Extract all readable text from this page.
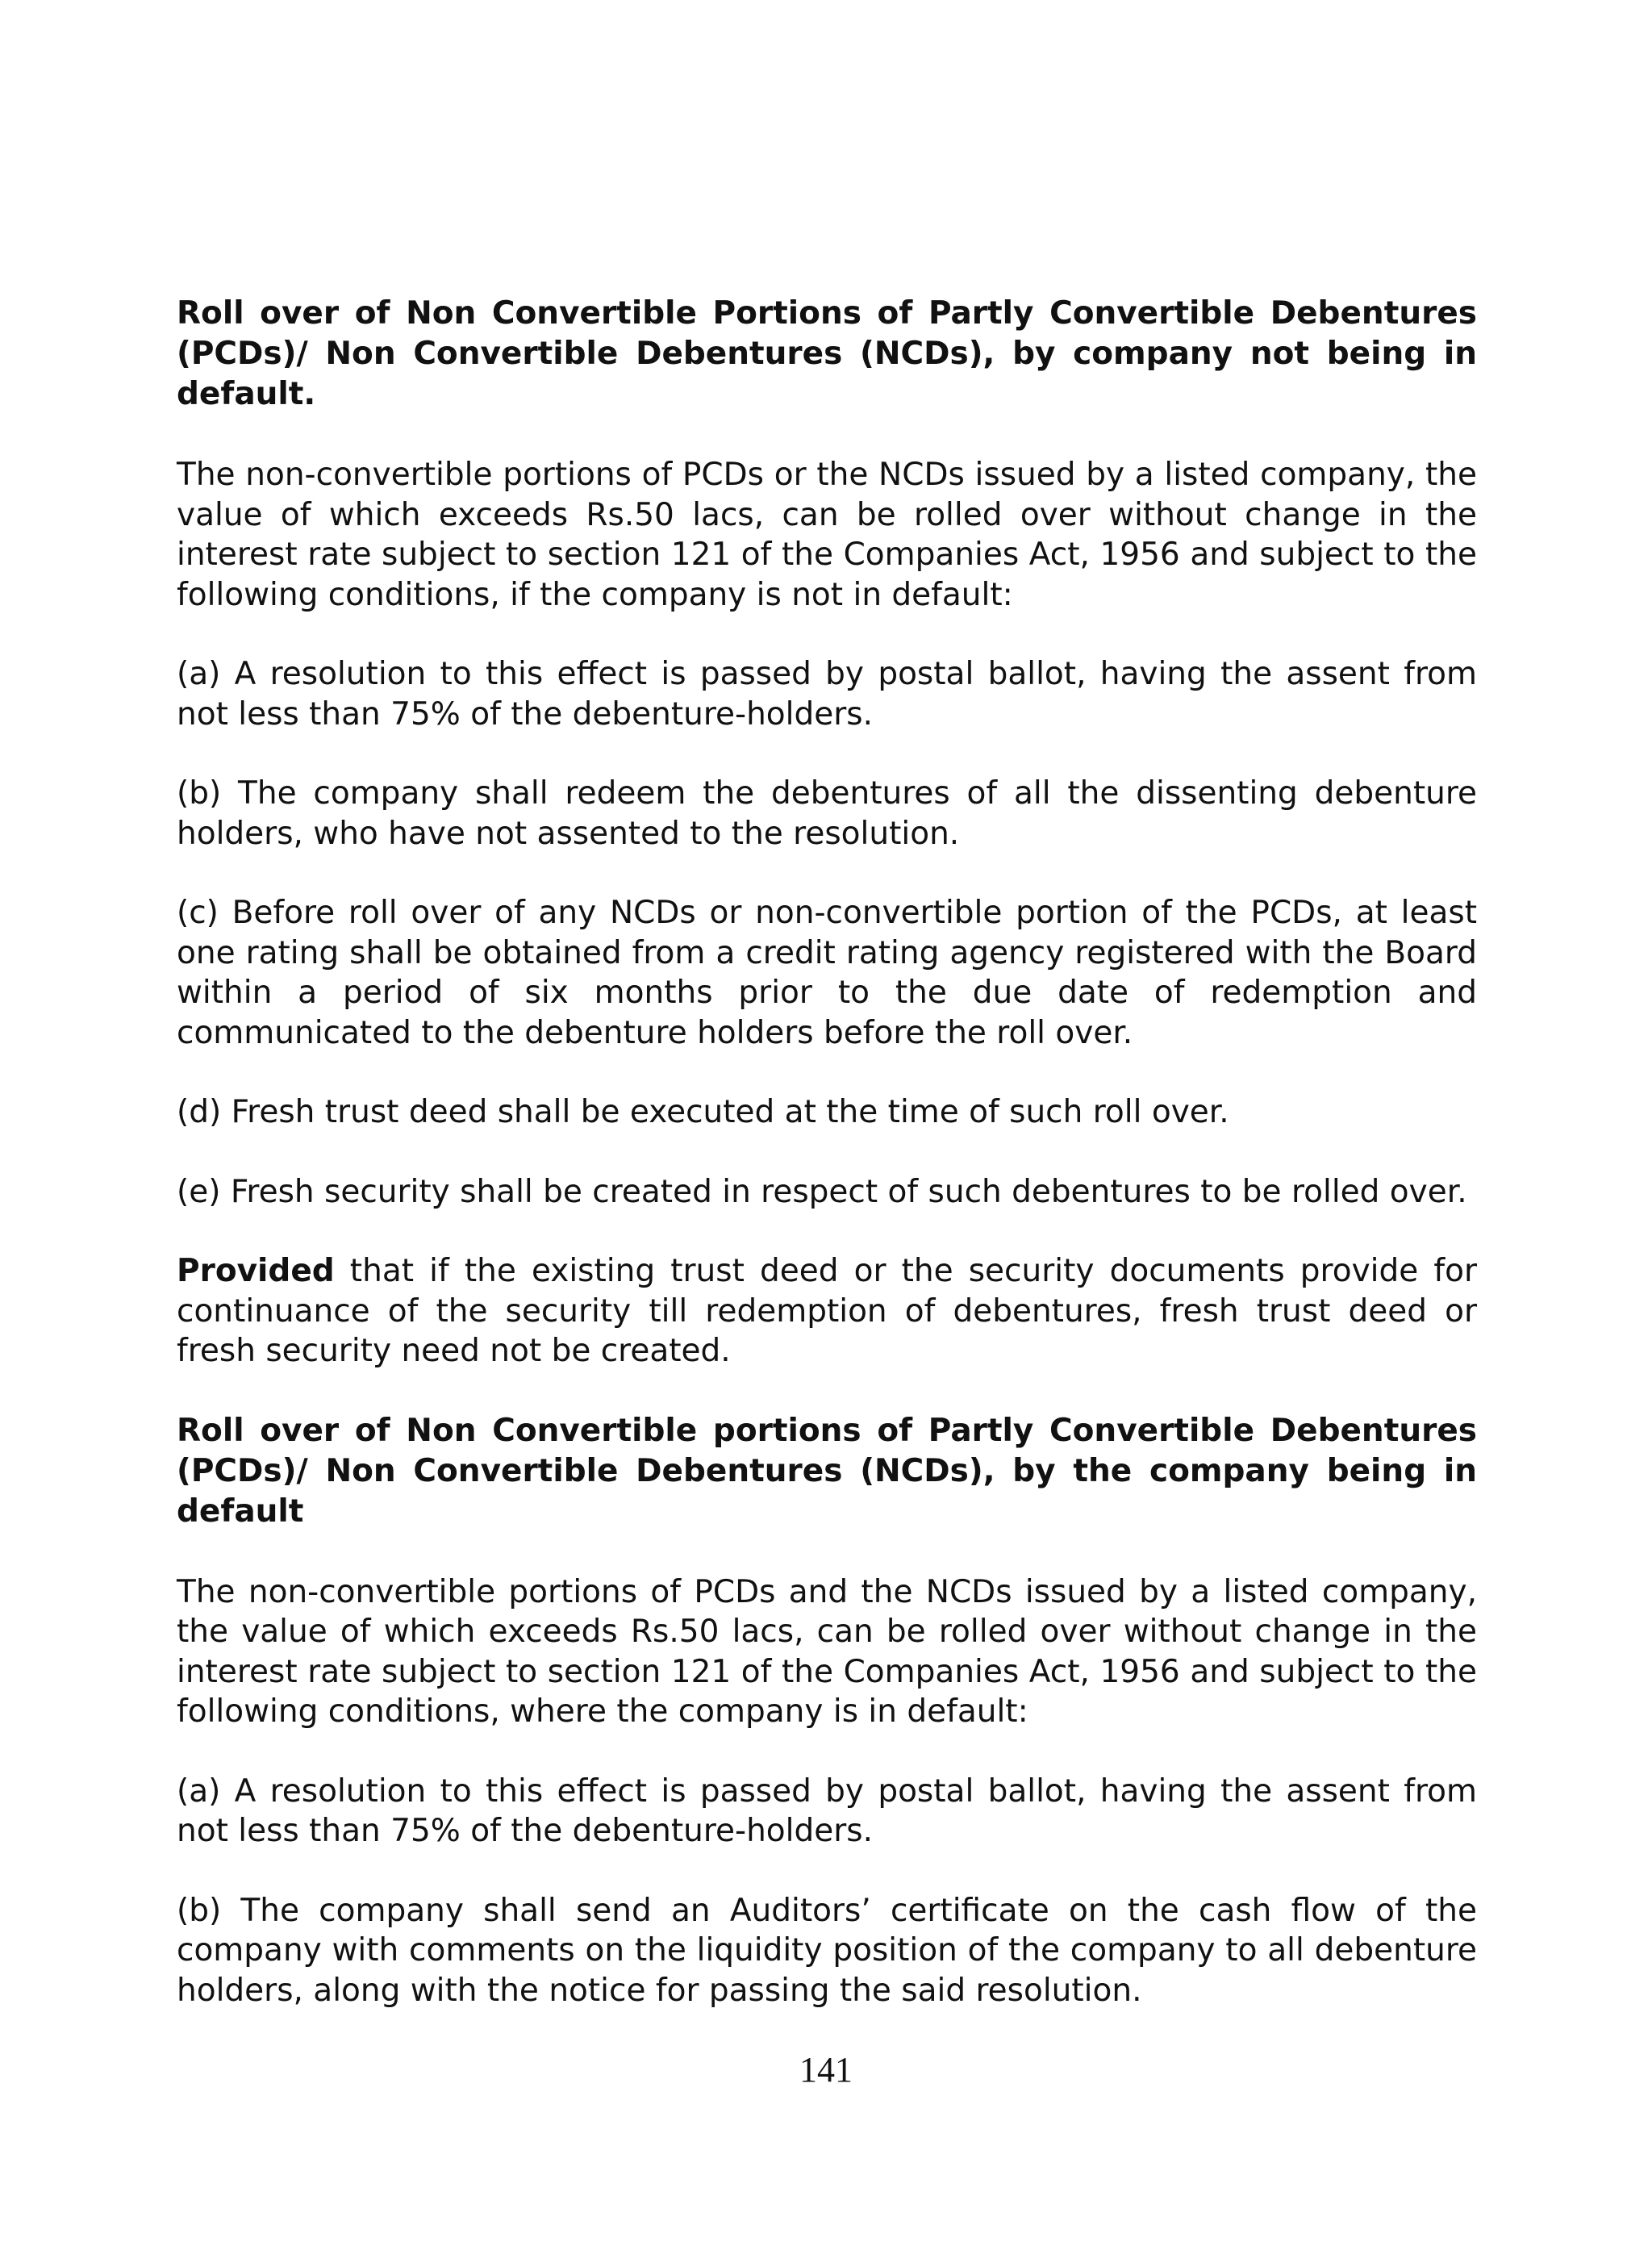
Roll over of Non Convertible Portions of Partly Convertible Debentures (PCDs)/ Non Convertible Debentures (NCDs), by company not being in default.
The non-convertible portions of PCDs or the NCDs issued by a listed company, the value of which exceeds Rs.50 lacs, can be rolled over without change in the interest rate subject to section 121 of the Companies Act, 1956 and subject to the following conditions, if the company is not in default:
(a) A resolution to this effect is passed by postal ballot, having the assent from not less than 75% of the debenture-holders.
(b) The company shall redeem the debentures of all the dissenting debenture holders, who have not assented to the resolution.
(c) Before roll over of any NCDs or non-convertible portion of the PCDs, at least one rating shall be obtained from a credit rating agency registered with the Board within a period of six months prior to the due date of redemption and communicated to the debenture holders before the roll over.
(d) Fresh trust deed shall be executed at the time of such roll over.
(e) Fresh security shall be created in respect of such debentures to be rolled over.
Provided that if the existing trust deed or the security documents provide for continuance of the security till redemption of debentures, fresh trust deed or fresh security need not be created.
Roll over of Non Convertible portions of Partly Convertible Debentures (PCDs)/ Non Convertible Debentures (NCDs), by the company being in default
The non-convertible portions of PCDs and the NCDs issued by a listed company, the value of which exceeds Rs.50 lacs, can be rolled over without change in the interest rate subject to section 121 of the Companies Act, 1956 and subject to the following conditions, where the company is in default:
(a) A resolution to this effect is passed by postal ballot, having the assent from not less than 75% of the debenture-holders.
(b) The company shall send an Auditors’ certificate on the cash flow of the company with comments on the liquidity position of the company to all debenture holders, along with the notice for passing the said resolution.
141
